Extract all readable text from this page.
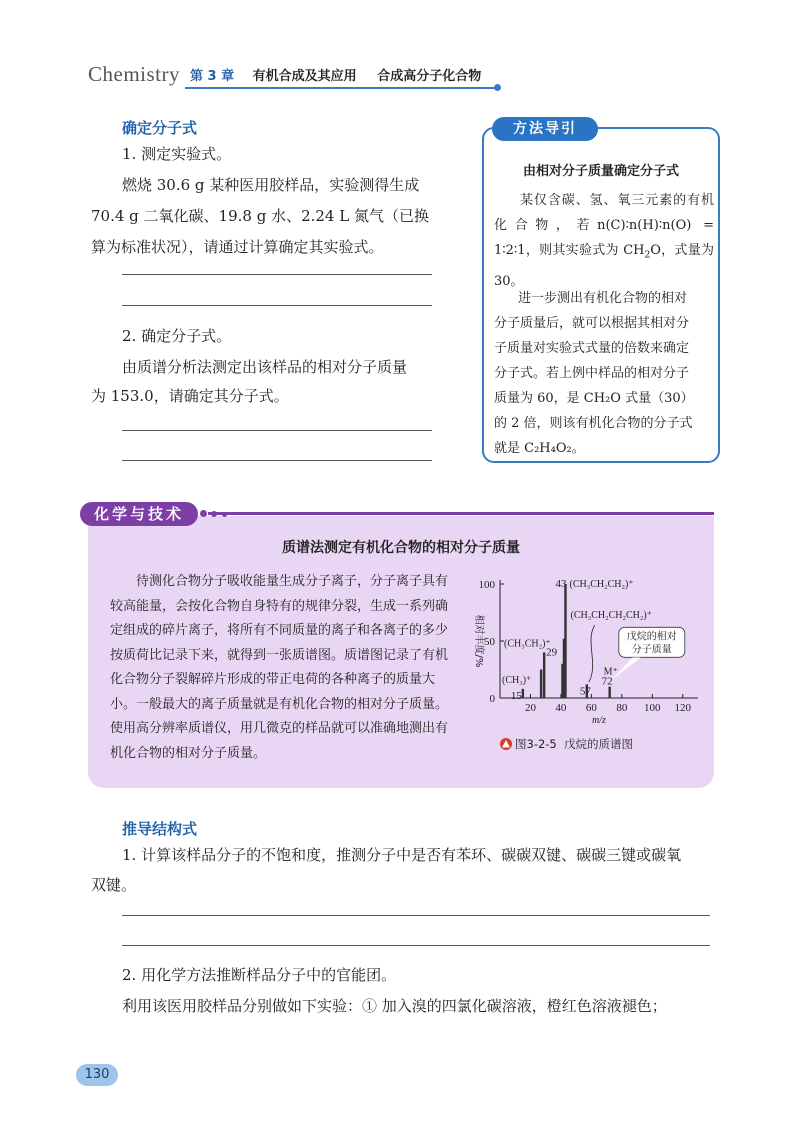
Chemistry 第 3 章 有机合成及其应用 合成高分子化合物
确定分子式
1. 测定实验式。
燃烧 30.6 g 某种医用胶样品，实验测得生成
70.4 g 二氧化碳、19.8 g 水、2.24 L 氮气（已换
算为标准状况），请通过计算确定其实验式。
2. 确定分子式。
由质谱分析法测定出该样品的相对分子质量
为 153.0，请确定其分子式。
方法导引
由相对分子质量确定分子式
某仅含碳、氢、氧三元素的有机化合物，若n(C)∶n(H)∶n(O) = 1∶2∶1，则其实验式为 $CH_2O$，式量为 30。
进一步测出有机化合物的相对
分子质量后，就可以根据其相对分
子质量对实验式式量的倍数来确定
分子式。若上例中样品的相对分子
质量为 60，是 CH₂O 式量（30）
的 2 倍，则该有机化合物的分子式
就是 C₂H₄O₂。
化学与技术
质谱法测定有机化合物的相对分子质量
待测化合物分子吸收能量生成分子离子，分子离子具有较高能量，会按化合物自身特有的规律分裂，生成一系列确定组成的碎片离子，将所有不同质量的离子和各离子的多少按质荷比记录下来，就得到一张质谱图。质谱图记录了有机化合物分子裂解碎片形成的带正电荷的各种离子的质量大小。一般最大的离子质量就是有机化合物的相对分子质量。使用高分辨率质谱仪，用几微克的样品就可以准确地测出有机化合物的相对分子质量。
0
50
100
20 40 60 80 100 120
m/z
相对丰度/%
15
29
43
57
72
(CH₃)⁺
(CH₃CH₂)⁺
(CH₃CH₂CH₂)⁺
(CH₃CH₂CH₂CH₂)⁺
M⁺
戊烷的相对
分子质量
图3-2-5 戊烷的质谱图
推导结构式
1. 计算该样品分子的不饱和度，推测分子中是否有苯环、碳碳双键、碳碳三键或碳氧
双键。
2. 用化学方法推断样品分子中的官能团。
利用该医用胶样品分别做如下实验：① 加入溴的四氯化碳溶液，橙红色溶液褪色；
130
